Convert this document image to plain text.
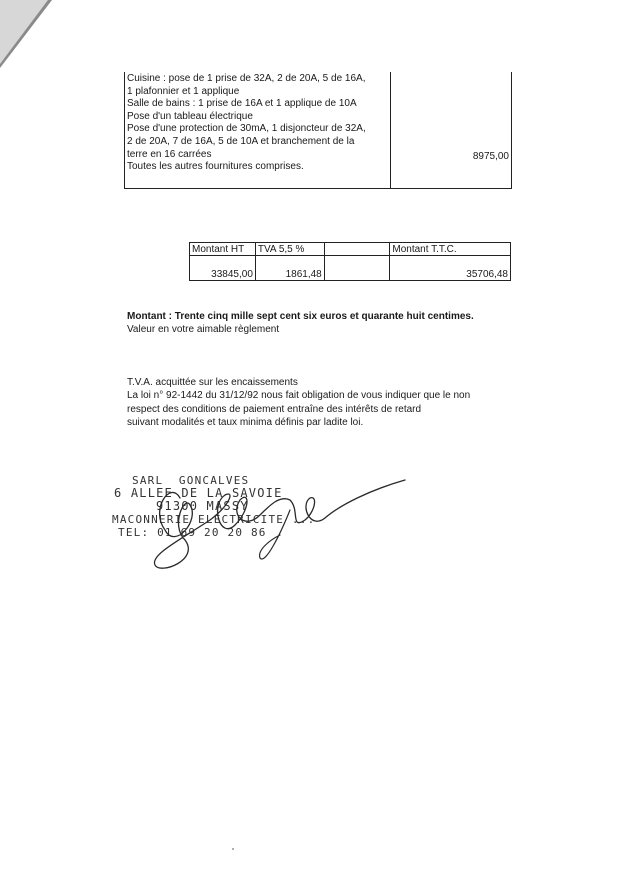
Cuisine : pose de 1 prise de 32A, 2 de 20A, 5 de 16A,
1 plafonnier et 1 applique
Salle de bains : 1 prise de 16A et 1 applique de 10A
Pose d'un tableau électrique
Pose d'une protection de 30mA, 1 disjoncteur de 32A,
2 de 20A, 7 de 16A, 5 de 10A et branchement de la
terre en 16 carrées
Toutes les autres fournitures comprises.
8975,00
Montant HT	TVA 5,5 %		Montant T.T.C.
33845,00	1861,48		35706,48
Montant : Trente cinq mille sept cent six euros et quarante huit centimes.
Valeur en votre aimable règlement
T.V.A. acquittée sur les encaissements
La loi n° 92-1442 du 31/12/92 nous fait obligation de vous indiquer que le non
respect des conditions de paiement entraîne des intérêts de retard
suivant modalités et taux minima définis par ladite loi.
SARL  GONCALVES
6 ALLEE DE LA SAVOIE
91300 MASSY
MACONNERIE ELECTRICITE ...
TEL: 01 69 20 20 86
